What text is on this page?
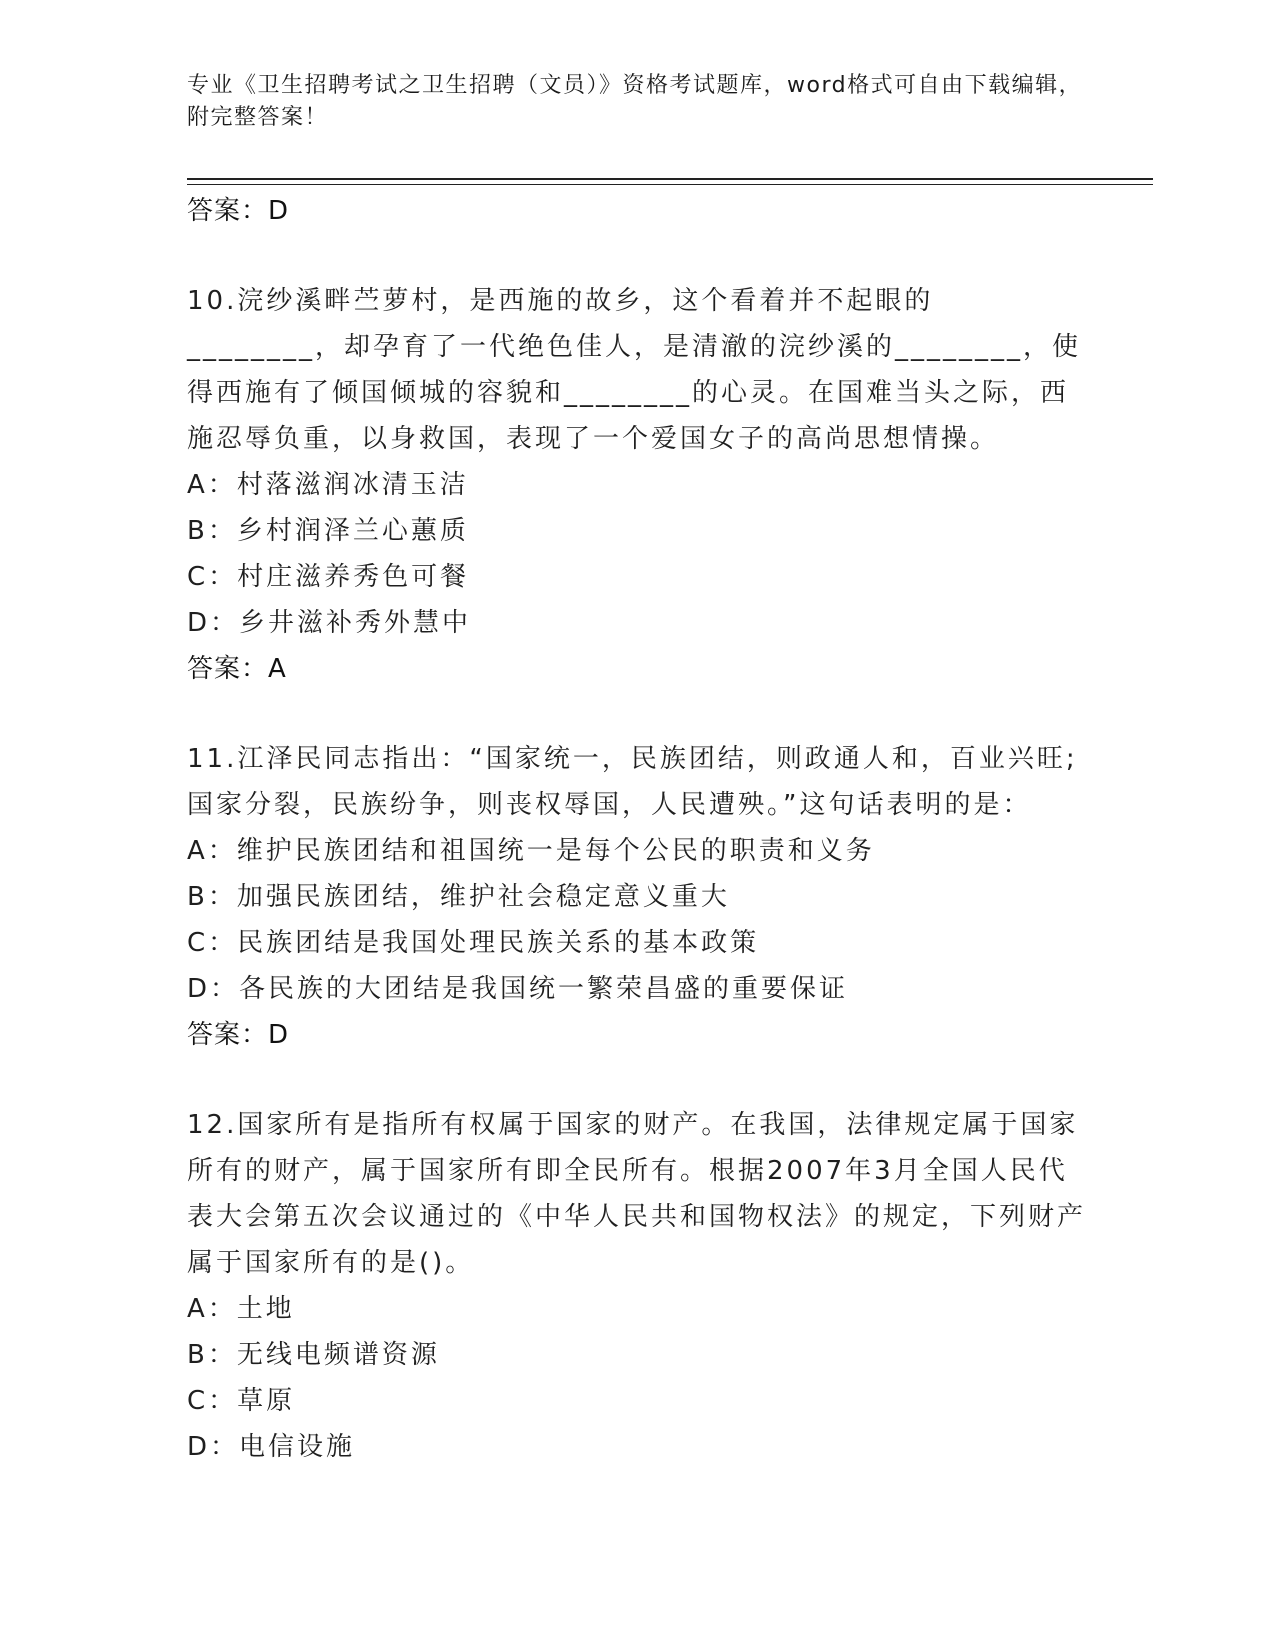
专业《卫生招聘考试之卫生招聘（文员）》资格考试题库，word格式可自由下载编辑，附完整答案！
答案：D
10.浣纱溪畔苎萝村，是西施的故乡，这个看着并不起眼的________，却孕育了一代绝色佳人，是清澈的浣纱溪的________，使得西施有了倾国倾城的容貌和________的心灵。在国难当头之际，西施忍辱负重，以身救国，表现了一个爱国女子的高尚思想情操。
A：村落滋润冰清玉洁
B：乡村润泽兰心蕙质
C：村庄滋养秀色可餐
D：乡井滋补秀外慧中
答案：A
11.江泽民同志指出：“国家统一，民族团结，则政通人和，百业兴旺;国家分裂，民族纷争，则丧权辱国，人民遭殃。”这句话表明的是：
A：维护民族团结和祖国统一是每个公民的职责和义务
B：加强民族团结，维护社会稳定意义重大
C：民族团结是我国处理民族关系的基本政策
D：各民族的大团结是我国统一繁荣昌盛的重要保证
答案：D
12.国家所有是指所有权属于国家的财产。在我国，法律规定属于国家所有的财产，属于国家所有即全民所有。根据2007年3月全国人民代表大会第五次会议通过的《中华人民共和国物权法》的规定，下列财产属于国家所有的是()。
A：土地
B：无线电频谱资源
C：草原
D：电信设施
